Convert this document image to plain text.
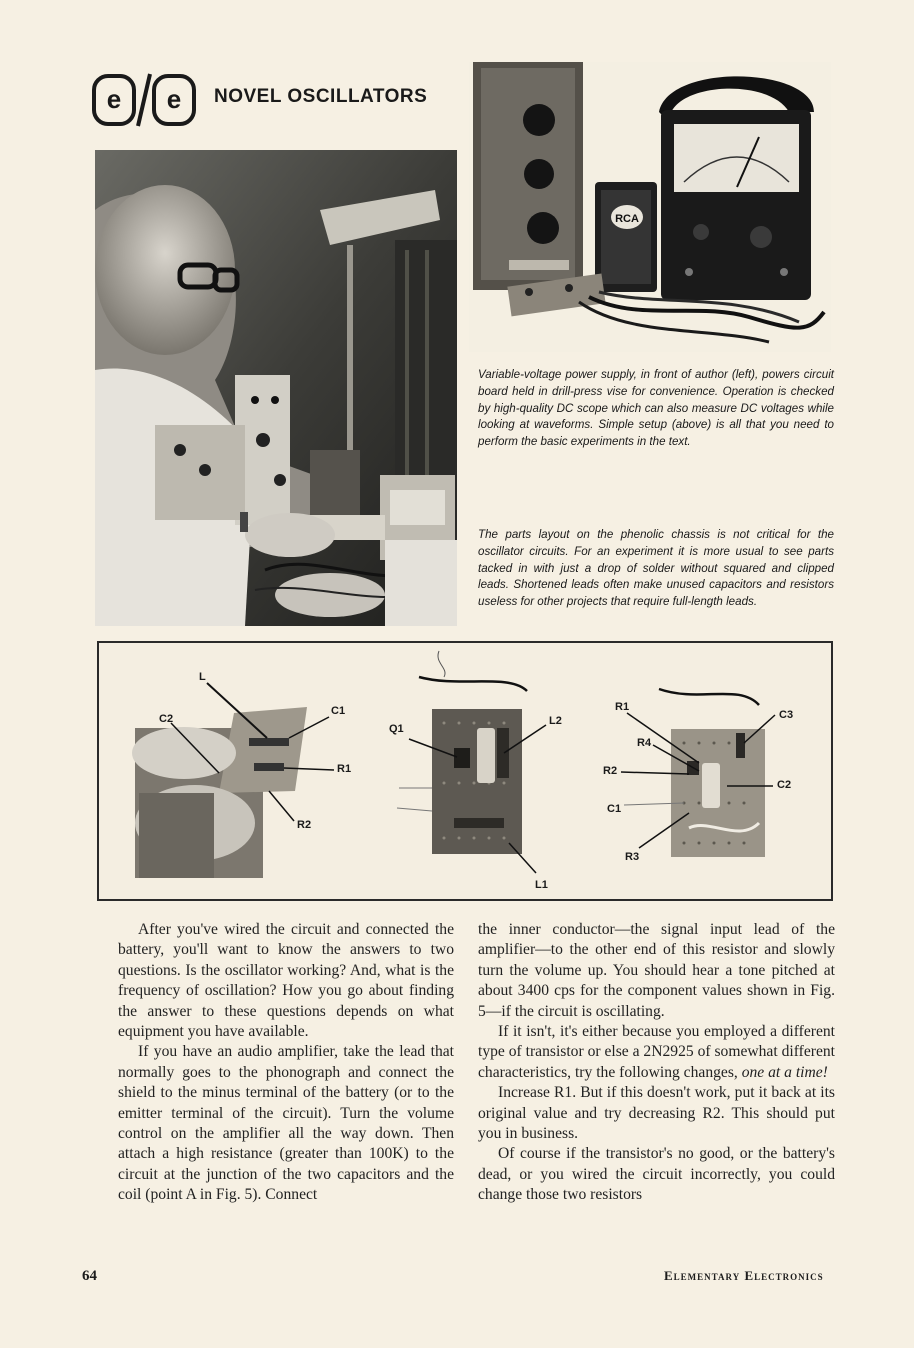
e e NOVEL OSCILLATORS
RCA

Variable-voltage power supply, in front of author (left), powers circuit board held in drill-press vise for convenience. Operation is checked by high-quality DC scope which can also measure DC voltages while looking at waveforms. Simple setup (above) is all that you need to perform the basic experiments in the text.

The parts layout on the phenolic chassis is not critical for the oscillator circuits. For an experiment it is more usual to see parts tacked in with just a drop of solder without squared and clipped leads. Shortened leads often make unused capacitors and resistors useless for other projects that require full-length leads.

L
C2
C1
R1
R2
Q1
L2
L1
R1
C3
R4
R2
C2
C1
R3

After you've wired the circuit and connected the battery, you'll want to know the answers to two questions. Is the oscillator working? And, what is the frequency of oscillation? How you go about finding the answer to these questions depends on what equipment you have available.

If you have an audio amplifier, take the lead that normally goes to the phonograph and connect the shield to the minus terminal of the battery (or to the emitter terminal of the circuit). Turn the volume control on the amplifier all the way down. Then attach a high resistance (greater than 100K) to the circuit at the junction of the two capacitors and the coil (point A in Fig. 5). Connect

the inner conductor—the signal input lead of the amplifier—to the other end of this resistor and slowly turn the volume up. You should hear a tone pitched at about 3400 cps for the component values shown in Fig. 5—if the circuit is oscillating.

If it isn't, it's either because you employed a different type of transistor or else a 2N2925 of somewhat different characteristics, try the following changes, one at a time!

Increase R1. But if this doesn't work, put it back at its original value and try decreasing R2. This should put you in business.

Of course if the transistor's no good, or the battery's dead, or you wired the circuit incorrectly, you could change those two resistors

64	Elementary Electronics
